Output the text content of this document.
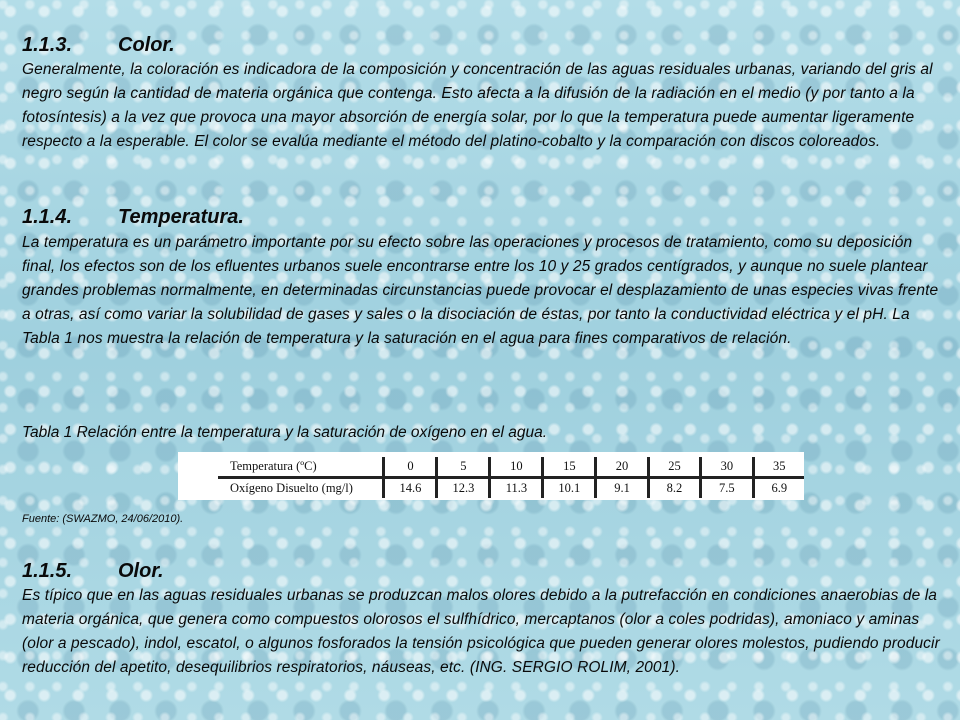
1.1.3. Color.

Generalmente, la coloración es indicadora de la composición y concentración de las aguas residuales urbanas, variando del gris al negro según la cantidad de materia orgánica que contenga. Esto afecta a la difusión de la radiación en el medio (y por tanto a la fotosíntesis) a la vez que provoca una mayor absorción de energía solar, por lo que la temperatura puede aumentar ligeramente respecto a la esperable. El color se evalúa mediante el método del platino-cobalto y la comparación con discos coloreados.

1.1.4. Temperatura.

La temperatura es un parámetro importante por su efecto sobre las operaciones y procesos de tratamiento, como su deposición final, los efectos son de los efluentes urbanos suele encontrarse entre los 10 y 25 grados centígrados, y aunque no suele plantear grandes problemas normalmente, en determinadas circunstancias puede provocar el desplazamiento de unas especies vivas frente a otras, así como variar la solubilidad de gases y sales o la disociación de éstas, por tanto la conductividad eléctrica y el pH. La Tabla 1 nos muestra la relación de temperatura y la saturación en el agua para fines comparativos de relación.

Tabla 1 Relación entre la temperatura y la saturación de oxígeno en el agua.
Temperatura (ºC)	0	5	10	15	20	25	30	35
Oxígeno Disuelto (mg/l)	14.6	12.3	11.3	10.1	9.1	8.2	7.5	6.9
Fuente: (SWAZMO, 24/06/2010).
1.1.5. Olor.

Es típico que en las aguas residuales urbanas se produzcan malos olores debido a la putrefacción en condiciones anaerobias de la materia orgánica, que genera como compuestos olorosos el sulfhídrico, mercaptanos (olor a coles podridas), amoniaco y aminas (olor a pescado), indol, escatol, o algunos fosforados la tensión psicológica que pueden generar olores molestos, pudiendo producir reducción del apetito, desequilibrios respiratorios, náuseas, etc. (ING. SERGIO ROLIM, 2001).
